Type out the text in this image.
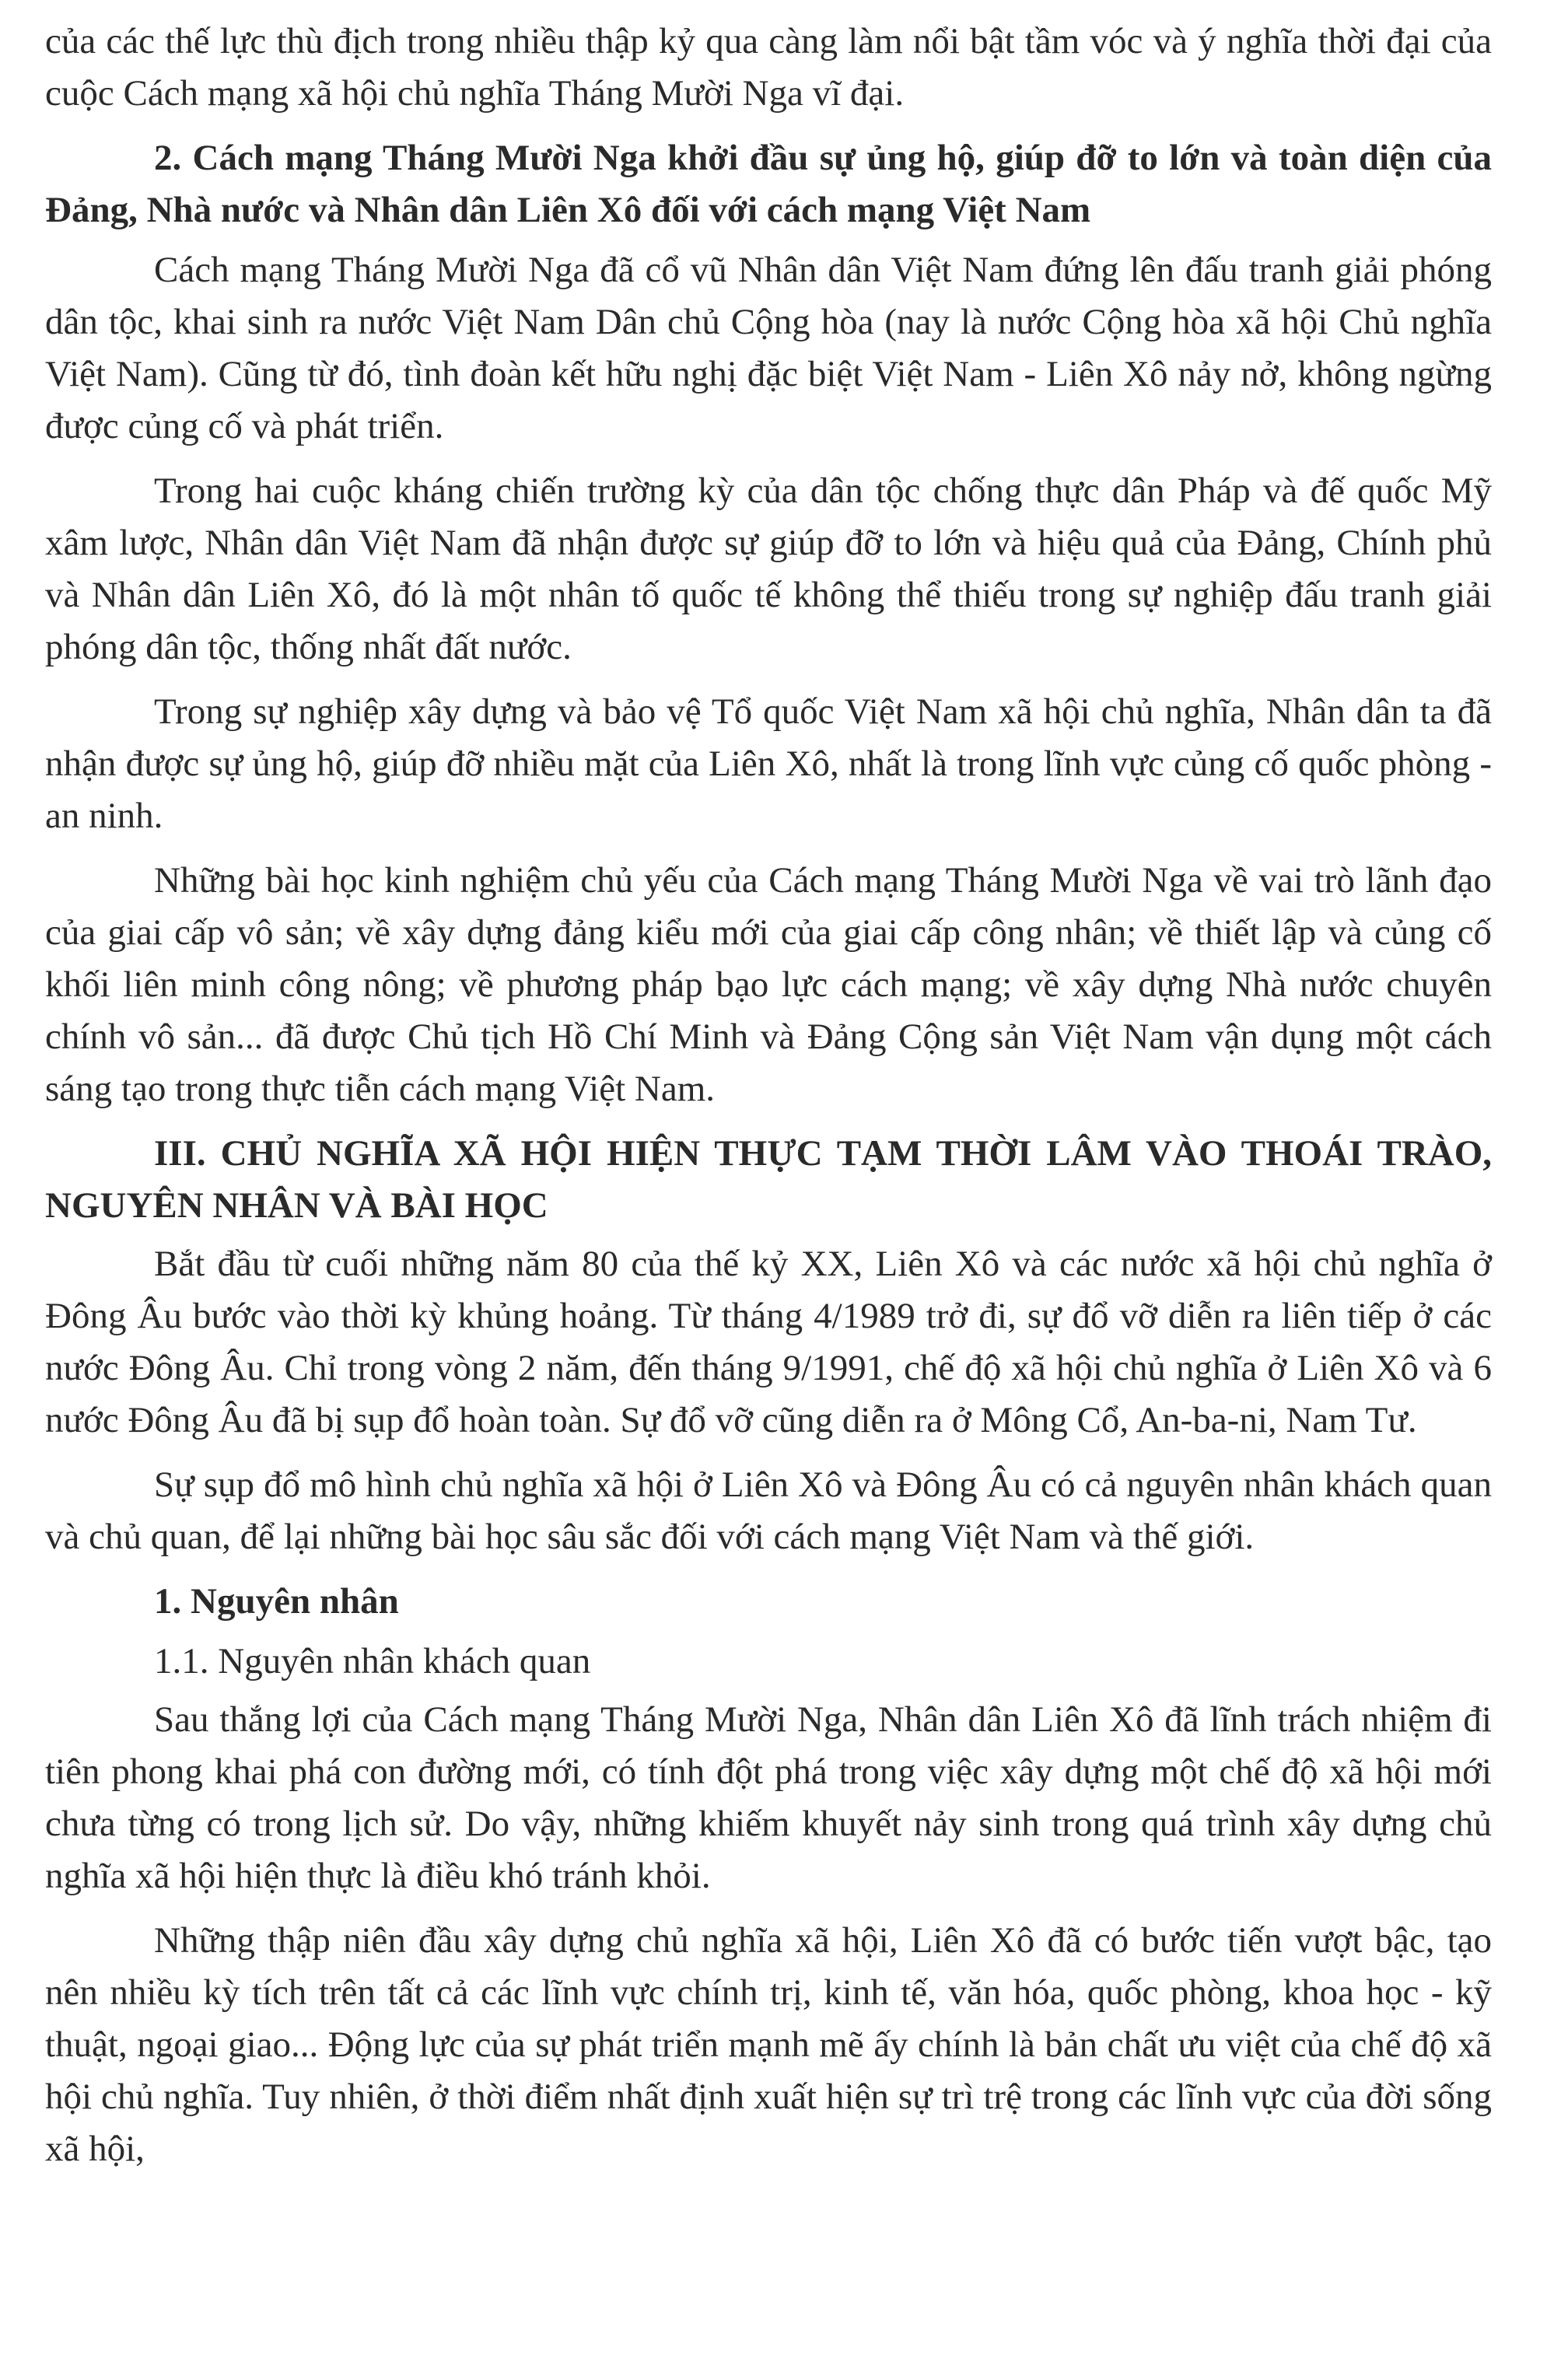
của các thế lực thù địch trong nhiều thập kỷ qua càng làm nổi bật tầm vóc và ý nghĩa thời đại của cuộc Cách mạng xã hội chủ nghĩa Tháng Mười Nga vĩ đại.

2. Cách mạng Tháng Mười Nga khởi đầu sự ủng hộ, giúp đỡ to lớn và toàn diện của Đảng, Nhà nước và Nhân dân Liên Xô đối với cách mạng Việt Nam

Cách mạng Tháng Mười Nga đã cổ vũ Nhân dân Việt Nam đứng lên đấu tranh giải phóng dân tộc, khai sinh ra nước Việt Nam Dân chủ Cộng hòa (nay là nước Cộng hòa xã hội Chủ nghĩa Việt Nam). Cũng từ đó, tình đoàn kết hữu nghị đặc biệt Việt Nam - Liên Xô nảy nở, không ngừng được củng cố và phát triển.

Trong hai cuộc kháng chiến trường kỳ của dân tộc chống thực dân Pháp và đế quốc Mỹ xâm lược, Nhân dân Việt Nam đã nhận được sự giúp đỡ to lớn và hiệu quả của Đảng, Chính phủ và Nhân dân Liên Xô, đó là một nhân tố quốc tế không thể thiếu trong sự nghiệp đấu tranh giải phóng dân tộc, thống nhất đất nước.

Trong sự nghiệp xây dựng và bảo vệ Tổ quốc Việt Nam xã hội chủ nghĩa, Nhân dân ta đã nhận được sự ủng hộ, giúp đỡ nhiều mặt của Liên Xô, nhất là trong lĩnh vực củng cố quốc phòng - an ninh.

Những bài học kinh nghiệm chủ yếu của Cách mạng Tháng Mười Nga về vai trò lãnh đạo của giai cấp vô sản; về xây dựng đảng kiểu mới của giai cấp công nhân; về thiết lập và củng cố khối liên minh công nông; về phương pháp bạo lực cách mạng; về xây dựng Nhà nước chuyên chính vô sản... đã được Chủ tịch Hồ Chí Minh và Đảng Cộng sản Việt Nam vận dụng một cách sáng tạo trong thực tiễn cách mạng Việt Nam.

III. CHỦ NGHĨA XÃ HỘI HIỆN THỰC TẠM THỜI LÂM VÀO THOÁI TRÀO, NGUYÊN NHÂN VÀ BÀI HỌC

Bắt đầu từ cuối những năm 80 của thế kỷ XX, Liên Xô và các nước xã hội chủ nghĩa ở Đông Âu bước vào thời kỳ khủng hoảng. Từ tháng 4/1989 trở đi, sự đổ vỡ diễn ra liên tiếp ở các nước Đông Âu. Chỉ trong vòng 2 năm, đến tháng 9/1991, chế độ xã hội chủ nghĩa ở Liên Xô và 6 nước Đông Âu đã bị sụp đổ hoàn toàn. Sự đổ vỡ cũng diễn ra ở Mông Cổ, An-ba-ni, Nam Tư.

Sự sụp đổ mô hình chủ nghĩa xã hội ở Liên Xô và Đông Âu có cả nguyên nhân khách quan và chủ quan, để lại những bài học sâu sắc đối với cách mạng Việt Nam và thế giới.

1. Nguyên nhân

1.1. Nguyên nhân khách quan

Sau thắng lợi của Cách mạng Tháng Mười Nga, Nhân dân Liên Xô đã lĩnh trách nhiệm đi tiên phong khai phá con đường mới, có tính đột phá trong việc xây dựng một chế độ xã hội mới chưa từng có trong lịch sử. Do vậy, những khiếm khuyết nảy sinh trong quá trình xây dựng chủ nghĩa xã hội hiện thực là điều khó tránh khỏi.

Những thập niên đầu xây dựng chủ nghĩa xã hội, Liên Xô đã có bước tiến vượt bậc, tạo nên nhiều kỳ tích trên tất cả các lĩnh vực chính trị, kinh tế, văn hóa, quốc phòng, khoa học - kỹ thuật, ngoại giao... Động lực của sự phát triển mạnh mẽ ấy chính là bản chất ưu việt của chế độ xã hội chủ nghĩa. Tuy nhiên, ở thời điểm nhất định xuất hiện sự trì trệ trong các lĩnh vực của đời sống xã hội,
